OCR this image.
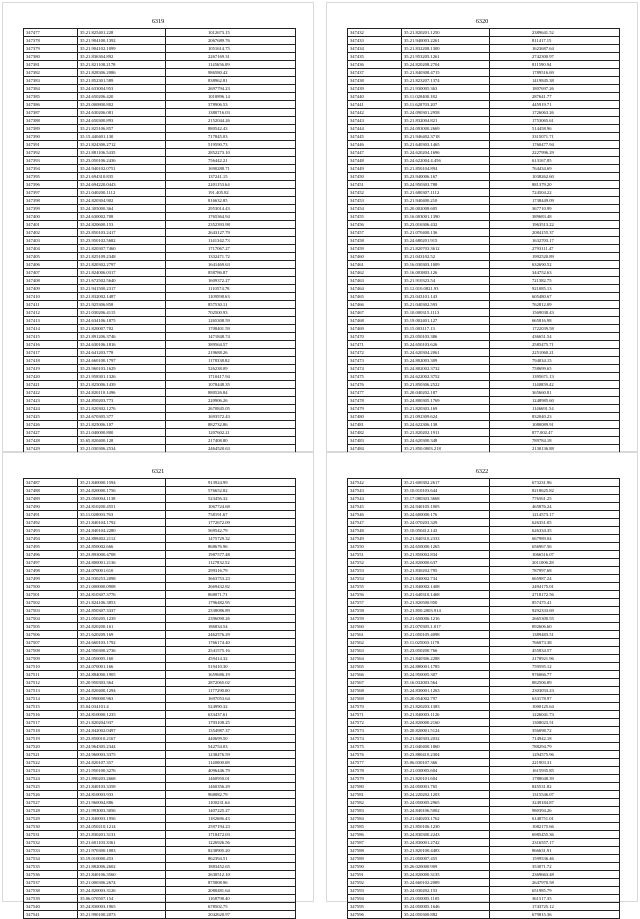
6319
347477	35.21.825401.228	1012673.15
347378	35.21.904100.1392	2067689.76
347379	35.21.904102.1099	1051614.75
347380	35.21.836304.892	2267169.31
347381	35.21.821108.2178	1145656.09
347382	35.21.828306.2086	986580.42
347383	35.21.852301.589	838962.81
347384	35.24.633004.953	2697794.23
347385	35.24.650206.420	1010896.14
347386	35.23.000800.802	378906.53
347387	35.24.630206.081	1380716.03
347388	35.24.650300.893	2152044.26
347389	35.21.825106.857	880542.43
347390	35.15.440401.130	717845.03
347391	35.21.824306.2712	519590.73
347392	35.21.881106.5435	2852273.10
347393	35.23.050106.2436	756442.21
347394	35.24.940102.0751	1690288.71
347395	35.21.694310.835	137241.15
347396	35.24.694220.0443	2201153.64
347397	35.21.040200.1112	191.405.82
347398	35.24.820304.902	816632.85
347399	35.24.305000.364	2953014.43
347400	35.24.630002.708	1765364.94
347401	35.24.820600.153	2352393.98
347402	35.23.850103.2417	2643127.79
347403	35.23.950102.5682	1141342.73
347404	35.21.820307.7460	1717067.27
347405	35.21.825109.2348	1332471.72
347406	35.21.820302.2797	1641469.63
347407	35.21.824006.0317	858786.87
347408	35.21.672502.5640	1609372.27
347409	35.21.941500.2317	1110574.78
347410	35.21.832002.1487	1109598.63
347411	35.21.925306.858	857530.11
347412	35.21.030206.4115	702500.93
347413	35.24.634106.1875	1265308.59
347414	35.21.820007.702	1708401.59
347415	35.21.891206.3746	1471848.74
347416	35.24.630106.1816	389564.57
347417	35.24.641203.778	219688.26
347418	35.24.660100.1797	1178338.82
347419	35.23.960103.1629	526238.09
347420	35.21.958301.1326	1710417.94
347421	35.21.825006.1439	1078448.35
347422	35.24.820110.1496	880526.84
347423	35.24.850203.773	220906.26
347424	35.21.820302.1276	2670845.05
347425	35.24.670305.377	1693572.43
347426	35.21.825006.107	882732.86
347427	35.21.040000.800	1207602.21
347428	35.65.820400.128	217408.80
347429	35.21.030306.2534	2464520.63

6320
347432	35.21.820201.1250	2389641.52
347433	35.21.940003.2261	811417.15
347434	35.21.832208.1300	1623687.64
347435	35.21.953205.1261	2742300.97
347436	35.24.820208.2704	811590.94
347437	35.21.840308.4715	1789516.69
347438	35.21.823207.1374	1419845.38
347439	35.21.930005.363	1807697.26
347440	35.11.020400.182	287641.77
347441	35.11.620703.207	445919.71
347442	35.24.090301.2958	1726063.26
347443	35.21.832004.821	1753065.61
347444	35.24.093000.2669	514458.96
347445	35.21.946402.3718	3315071.71
347446	35.21.640303.1465	1760477.94
347447	35.24.620204.1696	2227996.29
347448	35.24.622004.4.456	613167.85
347449	35.21.850104.894	764434.69
347450	35.23.940006.167	1038262.60
347451	35.24.950303.788	881379.20
347452	35.21.680307.1112	724504.22
347453	35.21.940400.210	1738449.09
347454	35.20.002008.605	367710.99
347455	35.16.003001.1390	389683.48
347456	35.23.016306.432	1963513.22
347457	35.21.070400.136	2084155.37
347458	35.24.680201.915	1632703.17
347459	35.21.820703.3612	2793111.47
347460	35.21.043102.52	1992520.89
347461	35.16.030303.1009	632690.52
347462	35.16.003803.126	344752.63
347463	35.21.910323.54	721382.75
347464	35.12.010.0821.93	921085.13
347465	35.23.043101.143	605480.67
347466	35.21.040302.593	762812.09
347467	35.10.000315.1113	1569038.43
347468	35.19.002401.127	665816.98
347469	35.15.003117.13	1722039.58
347470	35.23.050103.386	436651.54
347471	35.24.650103.626	2585475.71
347472	35.24.620304.2061	2251060.21
347473	35.24.802003.309	794034.15
347474	35.24.802002.3732	758699.65
347475	35.24.622002.3752	1395671.13
347476	35.21.850306.2522	1140859.42
347477	35.20.040202.187	365660.81
347478	35.24.800305.1769	1248985.60
347479	35.21.820303.169	1146691.54
347480	35.21.092309.624	832040.23
347481	35.24.622306.138	1080089.91
347482	35.21.820202.1911	877.002.47
347483	35.24.620300.348	789784.18
347484	35.21.850.0003.218	2130136.88

6321
347487	35.21.840000.1594	913924.99
347488	35.24.820000.1756	576652.82
347489	35.23.050004.1138	523456.32
347490	35.24.810200.4551	1067724.68
347491	35.11.020003.763	758191.67
347492	35.21.840104.1792	1772672.09
347493	35.24.840104.2280	569542.79
347494	35.24.888402.2112	1475729.32
347495	35.24.850002.666	868676.96
347496	35.23.893000.4708	1987577.48
347497	35.24.800001.2136	1127832.52
347498	35.24.070001.610	299316.79
347499	35.24.930253.2098	3663753.23
347500	35.21.000000.0908	2669432.82
347501	35.24.810307.3776	868071.71
347502	35.21.824106.3853	1796482.95
347503	35.24.850307.3337	2338086.89
347504	35.21.050205.1239	2396090.26
347505	35.24.820200.161	186834.54
347506	35.21.620209.169	2462576.29
347507	35.24.660103.1792	1766174.40
347508	35.24.950300.2736	2541575.16
347509	35.24.050005.160	459414.32
347510	35.24.070001.166	519410.30
347511	35.24.884000.1905	1659686.19
347512	35.20.950303.364	2872065.02
347513	35.24.820400.1294	1177290.00
347514	35.24.990000.963	1697053.64
347515	35.04.034101.4	524990.32
347516	35.24.810000.1235	633437.61
347517	35.21.820204.937	1793108.25
347518	35.24.842002.0497	1354987.37
347519	35.23.850010.2167	440699.50
347520	35.24.964305.2344	542754.03
347521	35.24.960003.3375	1238476.59
347522	35.24.820107.357	1140000.08
347523	35.21.950100.3276	4096446.79
347524	35.21.890203.2668	1460950.01
347525	35.21.840103.3358	1460356.29
347526	35.24.810003.933	968082.79
347527	35.21.960004.886	1100231.64
347528	35.21.993003.3056	1407225.27
347529	35.21.840003.1956	1182686.43
347530	35.24.050210.1214	2597194.23
347531	35.21.830201.3131	1718472.03
347532	35.21.601103.3361	1226926.56
347533	35.21.970300.1083	8238905.20
347534	35.19.010000.453	862394.51
347535	35.21.882006.2602	1883452.65
347536	35.21.840106.3560	2630512.10
347537	35.21.000306.2674	875808.96
347538	35.24.820003.3126	2080481.64
347539	35.06.070507.154	1168798.40
347540	35.24.830003.1965	678502.75
347541	35.21.990100.2073	2042620.97
6322
347542	35.21.600302.2617	673231.96
347543	35.10.010103.644	8218625.82
347544	35.17.080303.3668	776561.25
347545	35.24.940105.1005	465876.24
347546	35.24.600000.176	1214573.17
347547	35.24.070203.329	626351.05
347548	35.10.050412.143	626334.35
347549	35.21.840310.2333	667989.04
347550	35.24.650000.1265	656967.56
347551	35.21.850002.834	1066516.07
347552	35.24.820000.637	2011006.28
347553	35.21.830202.795	787997.68
347554	35.21.840002.734	665987.24
347555	35.21.840002.1408	2494175.01
347556	35.21.640310.1468	2718172.56
347557	35.21.820500.950	857475.41
347558	35.21.850.2003.914	9292333.69
347559	35.21.650006.1216	2665300.55
347560	35.21.070305.1.017	892606.60
347561	35.21.050105.4098	1389483.51
347562	35.11.025003.1178	766073.38
347563	35.23.050200.766	455834.57
347564	35.21.840306.2288	2178921.96
347565	35.24.880001.1785	759595.12
347566	35.24.950005.307	976066.77
347567	35.16.032003.564	882506.89
347568	35.24.830001.1263	2303033.23
347569	35.20.054002.797	633178.97
347570	35.21.820203.1383	1000125.64
347571	35.21.840003.1126	1226041.73
347572	35.24.820000.2160	1308023.51
347573	35.20.820001.5124	356098.72
347574	35.21.840303.2032	714942.18
347575	35.21.040400.1860	788294.79
347576	35.23.880410.2304	1294575.96
347577	35.06.030107.366	221903.31
347578	35.21.030005.604	1615935.85
347579	35.21.820101.604	1788048.39
347580	35.24.050001.765	845531.82
347581	35.24.220202.1203	1315546.07
347582	35.24.050005.2965	3249184.87
347583	35.24.840106.5002	980394.26
347584	35.21.040203.1762	6148751.01
347585	35.21.850106.1230	1082175.66
347586	35.24.830300.2243	6985455.36
347587	35.24.830001.2742	2316557.17
347588	35.21.820100.4483	866631.91
347589	35.21.050007.455	1599536.46
347590	35.26.020000.909	353071.72
347591	35.24.820000.3135	2369663.48
347592	35.24.660102.2089	2647970.58
347593	35.24.030202.153	651985.79
347594	35.23.050005.1105	361517.35
347595	35.24.050005.1646	1743725.12
347596	35.24.050300.882	679815.36
